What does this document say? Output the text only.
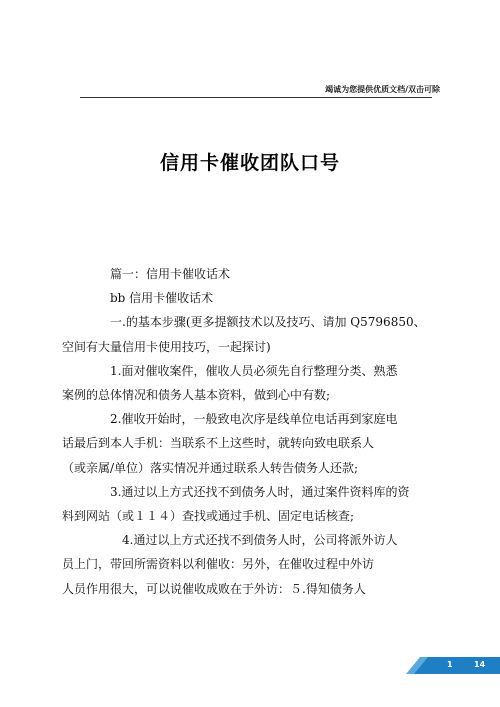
竭诚为您提供优质文档/双击可除
信用卡催收团队口号

篇一：信用卡催收话术

bb 信用卡催收话术

一.的基本步骤(更多提额技术以及技巧、请加 Q5796850、

空间有大量信用卡使用技巧，一起探讨)

1.面对催收案件，催收人员必须先自行整理分类、熟悉

案例的总体情况和债务人基本资料，做到心中有数;

2.催收开始时，一般致电次序是线单位电话再到家庭电

话最后到本人手机：当联系不上这些时，就转向致电联系人

（或亲属/单位）落实情况并通过联系人转告债务人还款;

3.通过以上方式还找不到债务人时，通过案件资料库的资

料到网站（或１１４）查找或通过手机、固定电话核查;

4.通过以上方式还找不到债务人时，公司将派外访人

员上门，带回所需资料以利催收：另外，在催收过程中外访

人员作用很大，可以说催收成败在于外访：５.得知债务人

1	14
